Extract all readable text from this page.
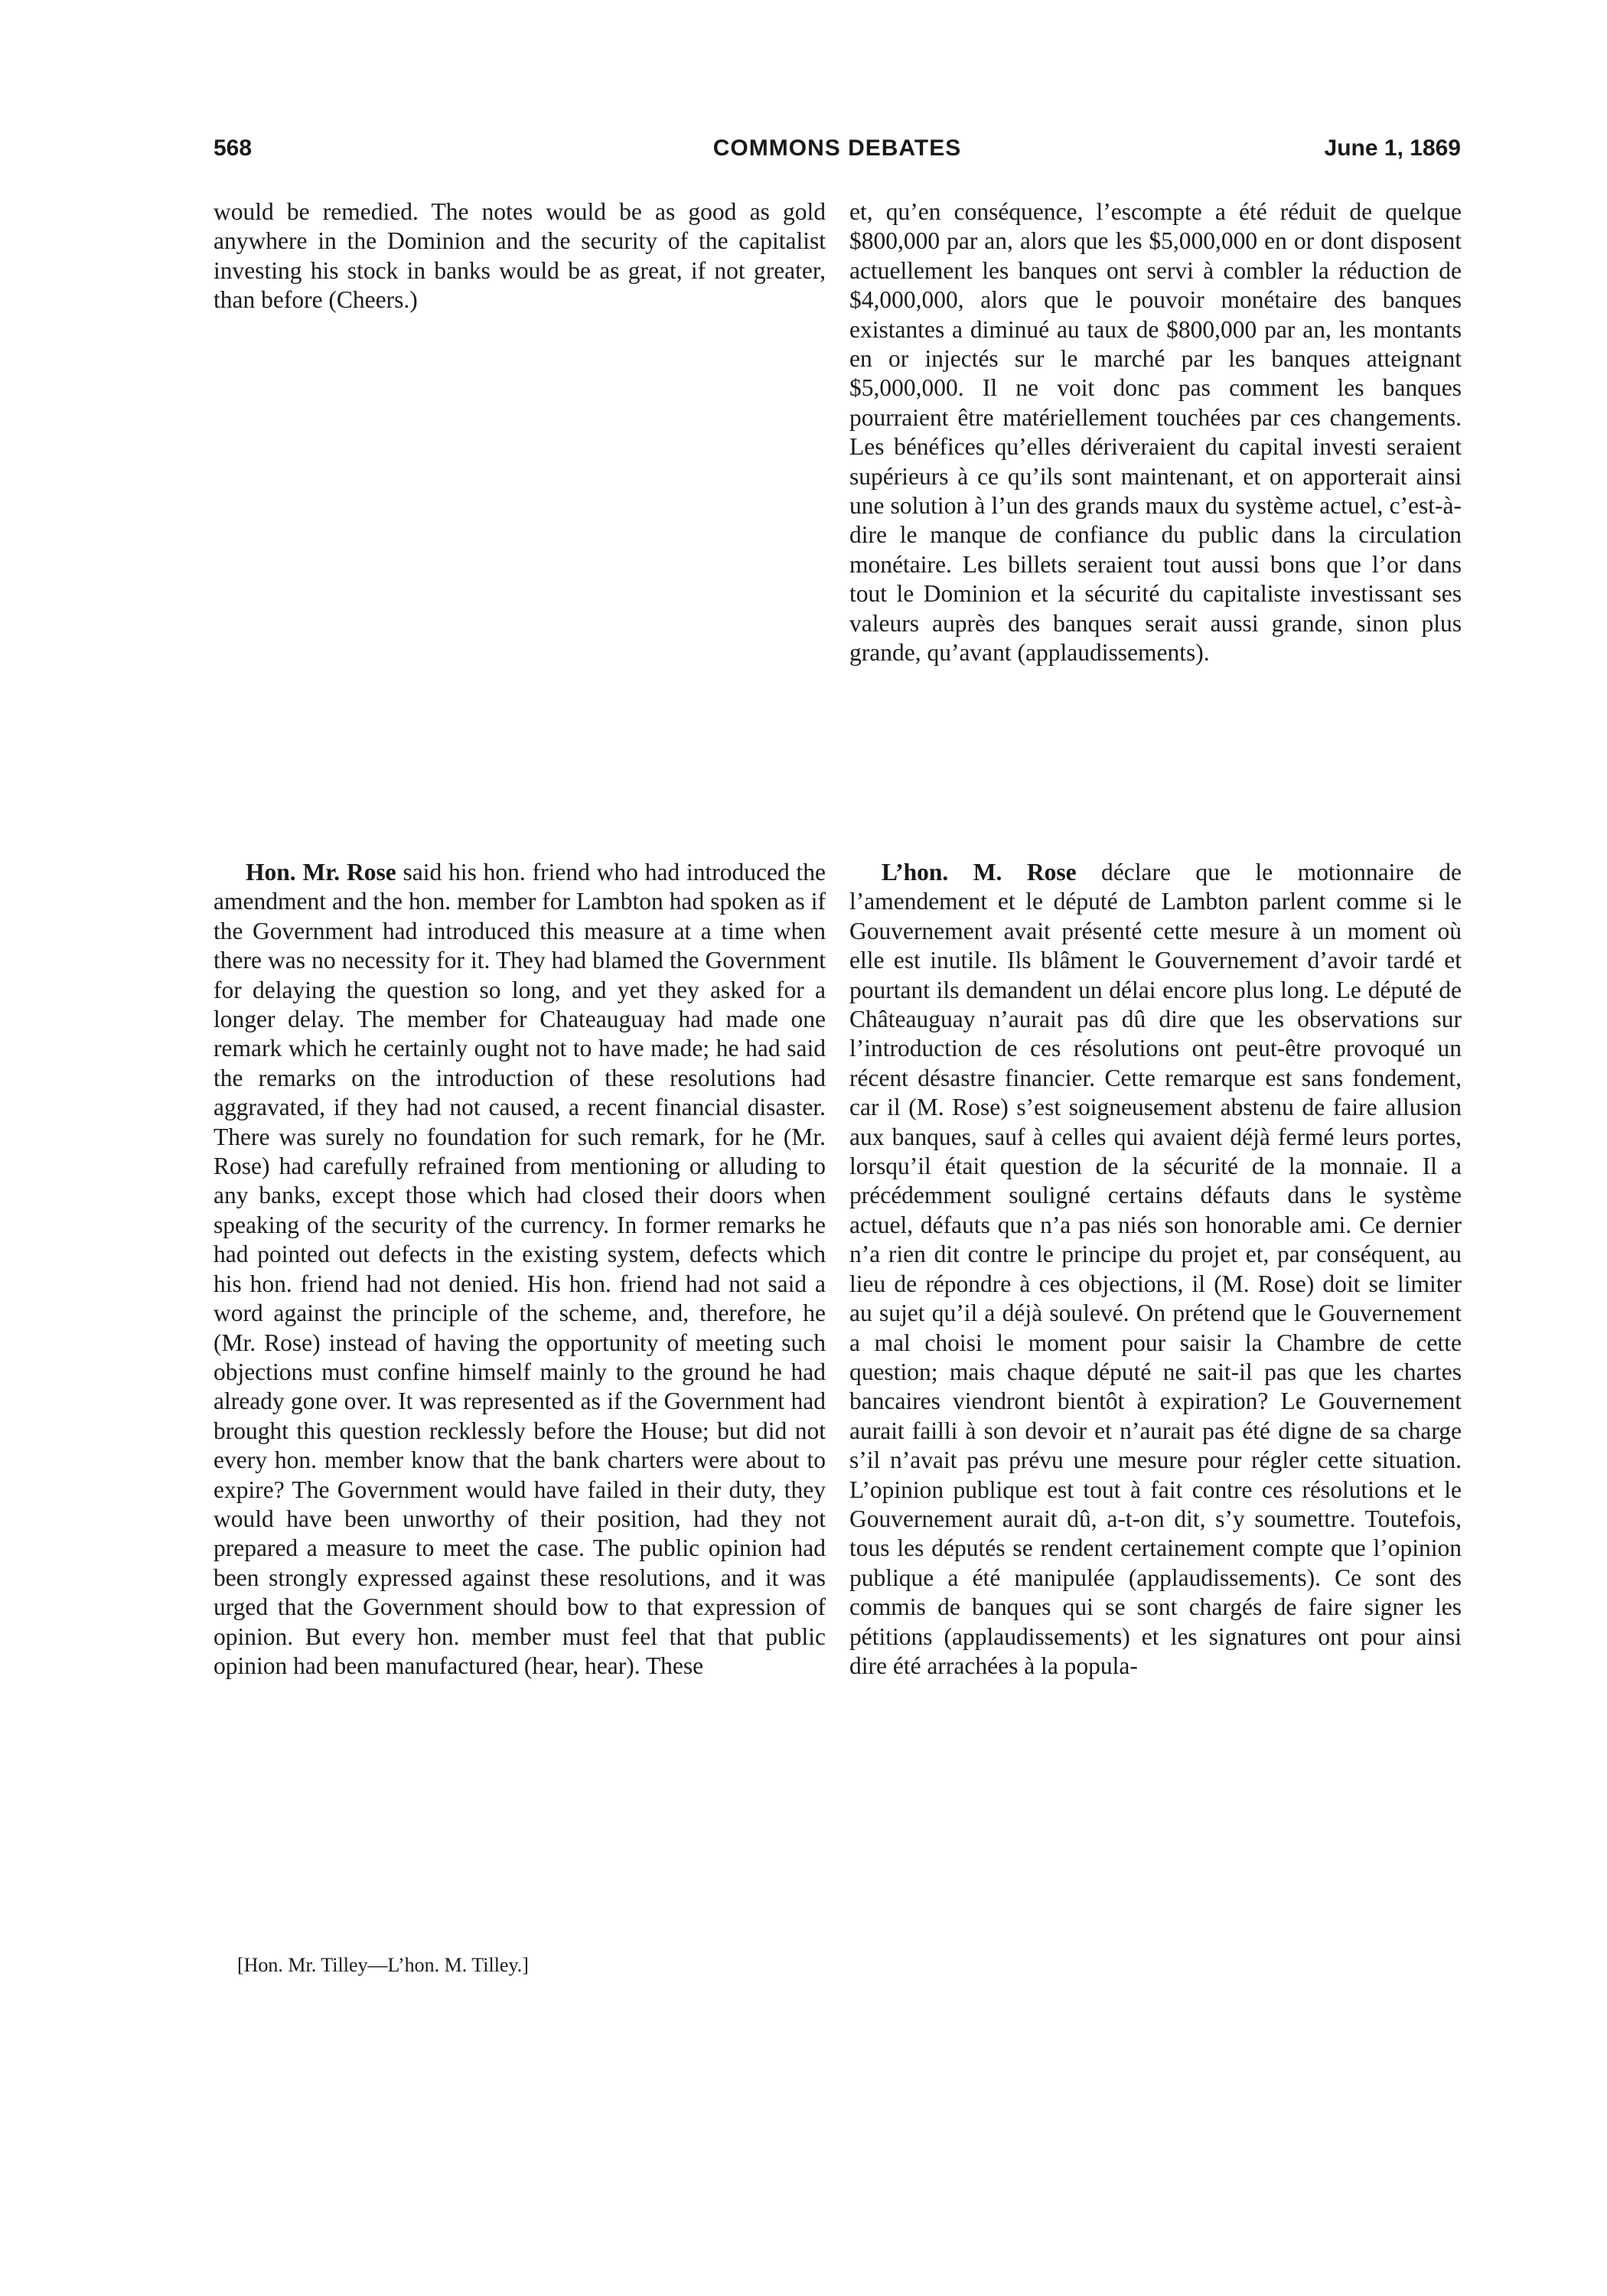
568	COMMONS DEBATES	June 1, 1869

would be remedied. The notes would be as good as gold anywhere in the Dominion and the security of the capitalist investing his stock in banks would be as great, if not greater, than before (Cheers.)

et, qu’en conséquence, l’escompte a été réduit de quelque $800,000 par an, alors que les $5,000,000 en or dont disposent actuellement les banques ont servi à combler la réduction de $4,000,000, alors que le pouvoir monétaire des banques existantes a diminué au taux de $800,000 par an, les montants en or injectés sur le marché par les banques atteignant $5,000,000. Il ne voit donc pas comment les banques pourraient être matériellement touchées par ces changements. Les bénéfices qu’elles dériveraient du capital investi seraient supérieurs à ce qu’ils sont maintenant, et on apporterait ainsi une solution à l’un des grands maux du système actuel, c’est-à-dire le manque de confiance du public dans la circulation monétaire. Les billets seraient tout aussi bons que l’or dans tout le Dominion et la sécurité du capitaliste investissant ses valeurs auprès des banques serait aussi grande, sinon plus grande, qu’avant (applaudissements).

Hon. Mr. Rose said his hon. friend who had introduced the amendment and the hon. member for Lambton had spoken as if the Government had introduced this measure at a time when there was no necessity for it. They had blamed the Government for delaying the question so long, and yet they asked for a longer delay. The member for Chateauguay had made one remark which he certainly ought not to have made; he had said the remarks on the introduction of these resolutions had aggravated, if they had not caused, a recent financial disaster. There was surely no foundation for such remark, for he (Mr. Rose) had carefully refrained from mentioning or alluding to any banks, except those which had closed their doors when speaking of the security of the currency. In former remarks he had pointed out defects in the existing system, defects which his hon. friend had not denied. His hon. friend had not said a word against the principle of the scheme, and, therefore, he (Mr. Rose) instead of having the opportunity of meeting such objections must confine himself mainly to the ground he had already gone over. It was represented as if the Government had brought this question recklessly before the House; but did not every hon. member know that the bank charters were about to expire? The Government would have failed in their duty, they would have been unworthy of their position, had they not prepared a measure to meet the case. The public opinion had been strongly expressed against these resolutions, and it was urged that the Government should bow to that expression of opinion. But every hon. member must feel that that public opinion had been manufactured (hear, hear). These

L’hon. M. Rose déclare que le motionnaire de l’amendement et le député de Lambton parlent comme si le Gouvernement avait présenté cette mesure à un moment où elle est inutile. Ils blâment le Gouvernement d’avoir tardé et pourtant ils demandent un délai encore plus long. Le député de Châteauguay n’aurait pas dû dire que les observations sur l’introduction de ces résolutions ont peut-être provoqué un récent désastre financier. Cette remarque est sans fondement, car il (M. Rose) s’est soigneusement abstenu de faire allusion aux banques, sauf à celles qui avaient déjà fermé leurs portes, lorsqu’il était question de la sécurité de la monnaie. Il a précédemment souligné certains défauts dans le système actuel, défauts que n’a pas niés son honorable ami. Ce dernier n’a rien dit contre le principe du projet et, par conséquent, au lieu de répondre à ces objections, il (M. Rose) doit se limiter au sujet qu’il a déjà soulevé. On prétend que le Gouvernement a mal choisi le moment pour saisir la Chambre de cette question; mais chaque député ne sait-il pas que les chartes bancaires viendront bientôt à expiration? Le Gouvernement aurait failli à son devoir et n’aurait pas été digne de sa charge s’il n’avait pas prévu une mesure pour régler cette situation. L’opinion publique est tout à fait contre ces résolutions et le Gouvernement aurait dû, a-t-on dit, s’y soumettre. Toutefois, tous les députés se rendent certainement compte que l’opinion publique a été manipulée (applaudissements). Ce sont des commis de banques qui se sont chargés de faire signer les pétitions (applaudissements) et les signatures ont pour ainsi dire été arrachées à la popula-

[Hon. Mr. Tilley—L’hon. M. Tilley.]
